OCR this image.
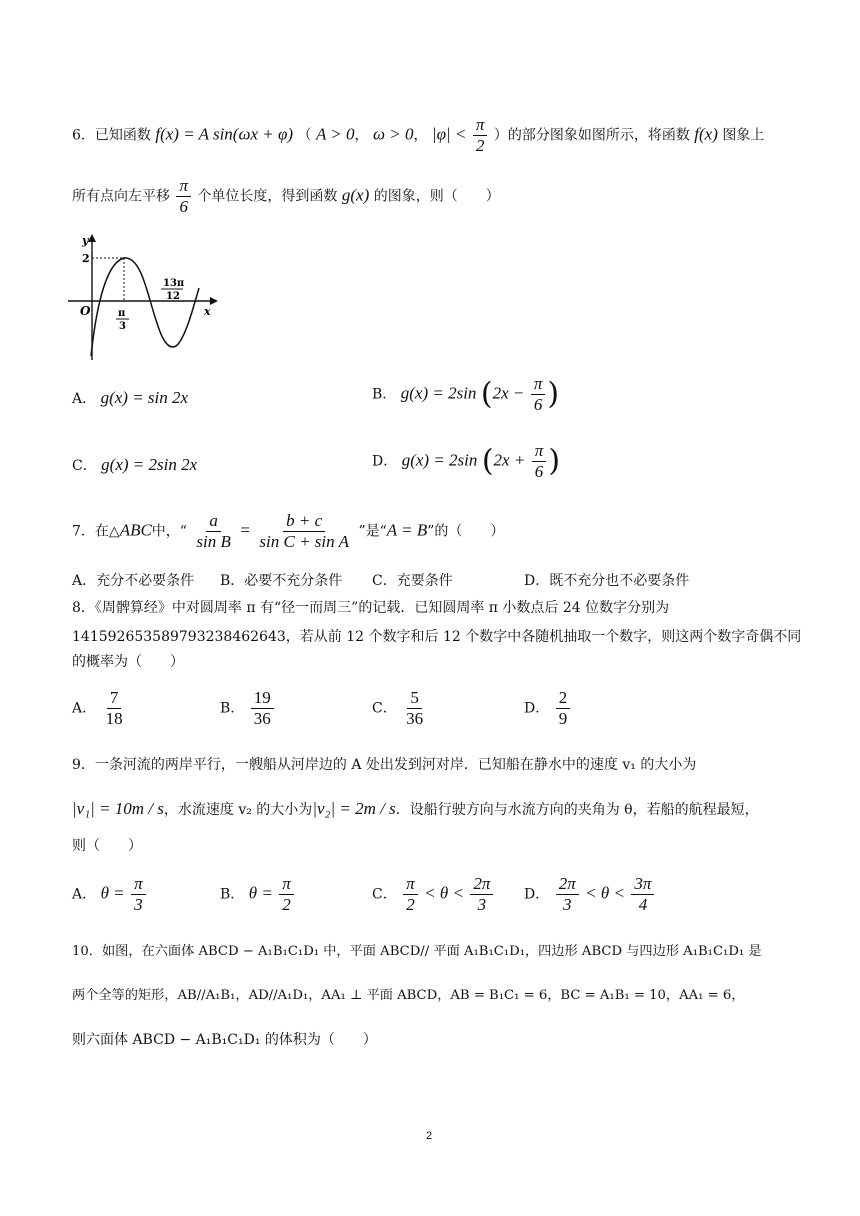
6．已知函数 f(x) = A sin(ωx + φ) （ A > 0， ω > 0， $|\varphi| < \frac{\pi}{2}$ ）的部分图象如图所示，将函数 f(x) 图象上
所有点向左平移 $\frac{\pi}{6}$ 个单位长度，得到函数 g(x) 的图象，则（　　）
y
2
O	π
3
13π
12
x
A． g(x) = sin 2x	B． g(x) = 2sin ($2x - \frac{\pi}{6}$ )
C． g(x) = 2sin 2x	D． g(x) = 2sin ($2x + \frac{\pi}{6}$ )
7．在△ABC中，“ $\frac{a}{\text{sin B}} = \frac{b + c}{\text{sin C + sin A}}$ ”是“A = B”的（　　）
A．充分不必要条件 B．必要不充分条件 C．充要条件	D．既不充分也不必要条件
8．《周髀算经》中对圆周率 π 有“径一而周三”的记载．已知圆周率 π 小数点后 24 位数字分别为
141592653589793238462643，若从前 12 个数字和后 12 个数字中各随机抽取一个数字，则这两个数字奇偶不同
的概率为（　　）
A． $\frac{7}{18}$	B． $\frac{19}{36}$	C． $\frac{5}{36}$	D． $\frac{2}{9}$
9．一条河流的两岸平行，一艘船从河岸边的 A 处出发到河对岸．已知船在静水中的速度 v₁ 的大小为
|v₁| = 10m / s，水流速度 v₂ 的大小为|v₂| = 2m / s．设船行驶方向与水流方向的夹角为 θ，若船的航程最短，
则（　　）
A． $\theta = \frac{\pi}{3}$	B． $\theta = \frac{\pi}{2}$	C． $\frac{\pi}{2} < \theta < \frac{2\pi}{3}$ D． $\frac{2\pi}{3} < \theta < \frac{3\pi}{4}$
10．如图，在六面体 ABCD − A₁B₁C₁D₁ 中，平面 ABCD// 平面 A₁B₁C₁D₁，四边形 ABCD 与四边形 A₁B₁C₁D₁ 是
两个全等的矩形，AB//A₁B₁，AD//A₁D₁，AA₁ ⊥ 平面 ABCD，AB = B₁C₁ = 6，BC = A₁B₁ = 10，AA₁ = 6，
则六面体 ABCD − A₁B₁C₁D₁ 的体积为（　　）
2
